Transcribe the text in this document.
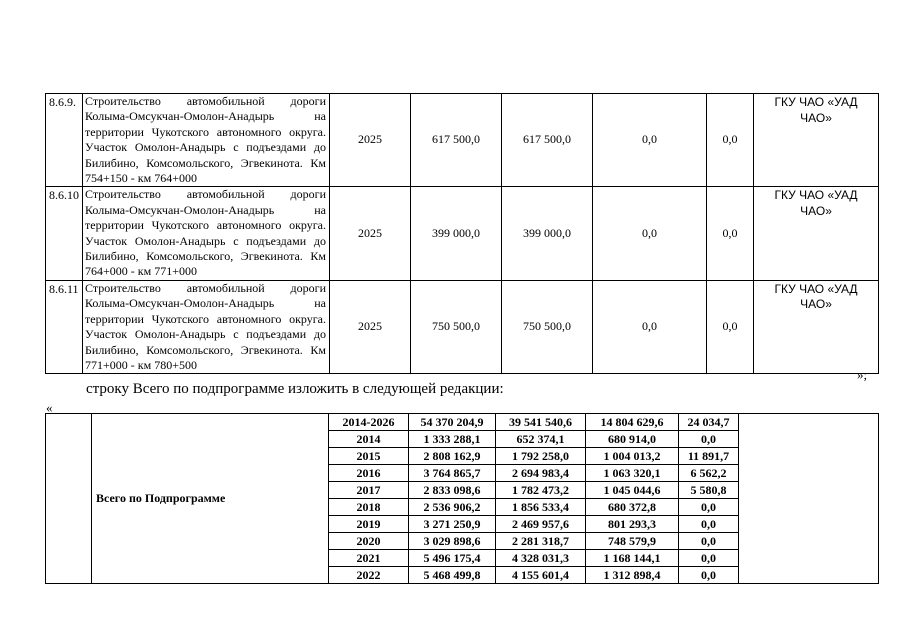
8.6.9.	Строительство автомобильной дороги Колыма-Омсукчан-Омолон-Анадырь на территории Чукотского автономного округа. Участок Омолон-Анадырь с подъездами до Билибино, Комсомольского, Эгвекинота. Км 754+150 - км 764+000	2025	617 500,0	617 500,0	0,0	0,0	ГКУ ЧАО «УАД ЧАО»
8.6.10	Строительство автомобильной дороги Колыма-Омсукчан-Омолон-Анадырь на территории Чукотского автономного округа. Участок Омолон-Анадырь с подъездами до Билибино, Комсомольского, Эгвекинота. Км 764+000 - км 771+000	2025	399 000,0	399 000,0	0,0	0,0	ГКУ ЧАО «УАД ЧАО»
8.6.11	Строительство автомобильной дороги Колыма-Омсукчан-Омолон-Анадырь на территории Чукотского автономного округа. Участок Омолон-Анадырь с подъездами до Билибино, Комсомольского, Эгвекинота. Км 771+000 - км 780+500	2025	750 500,0	750 500,0	0,0	0,0	ГКУ ЧАО «УАД ЧАО»
»;
строку Всего по подпрограмме изложить в следующей редакции:
«
	Всего по Подпрограмме	2014-2026	54 370 204,9	39 541 540,6	14 804 629,6	24 034,7	
		2014	1 333 288,1	652 374,1	680 914,0	0,0	
		2015	2 808 162,9	1 792 258,0	1 004 013,2	11 891,7	
		2016	3 764 865,7	2 694 983,4	1 063 320,1	6 562,2	
		2017	2 833 098,6	1 782 473,2	1 045 044,6	5 580,8	
		2018	2 536 906,2	1 856 533,4	680 372,8	0,0	
		2019	3 271 250,9	2 469 957,6	801 293,3	0,0	
		2020	3 029 898,6	2 281 318,7	748 579,9	0,0	
		2021	5 496 175,4	4 328 031,3	1 168 144,1	0,0	
		2022	5 468 499,8	4 155 601,4	1 312 898,4	0,0	
